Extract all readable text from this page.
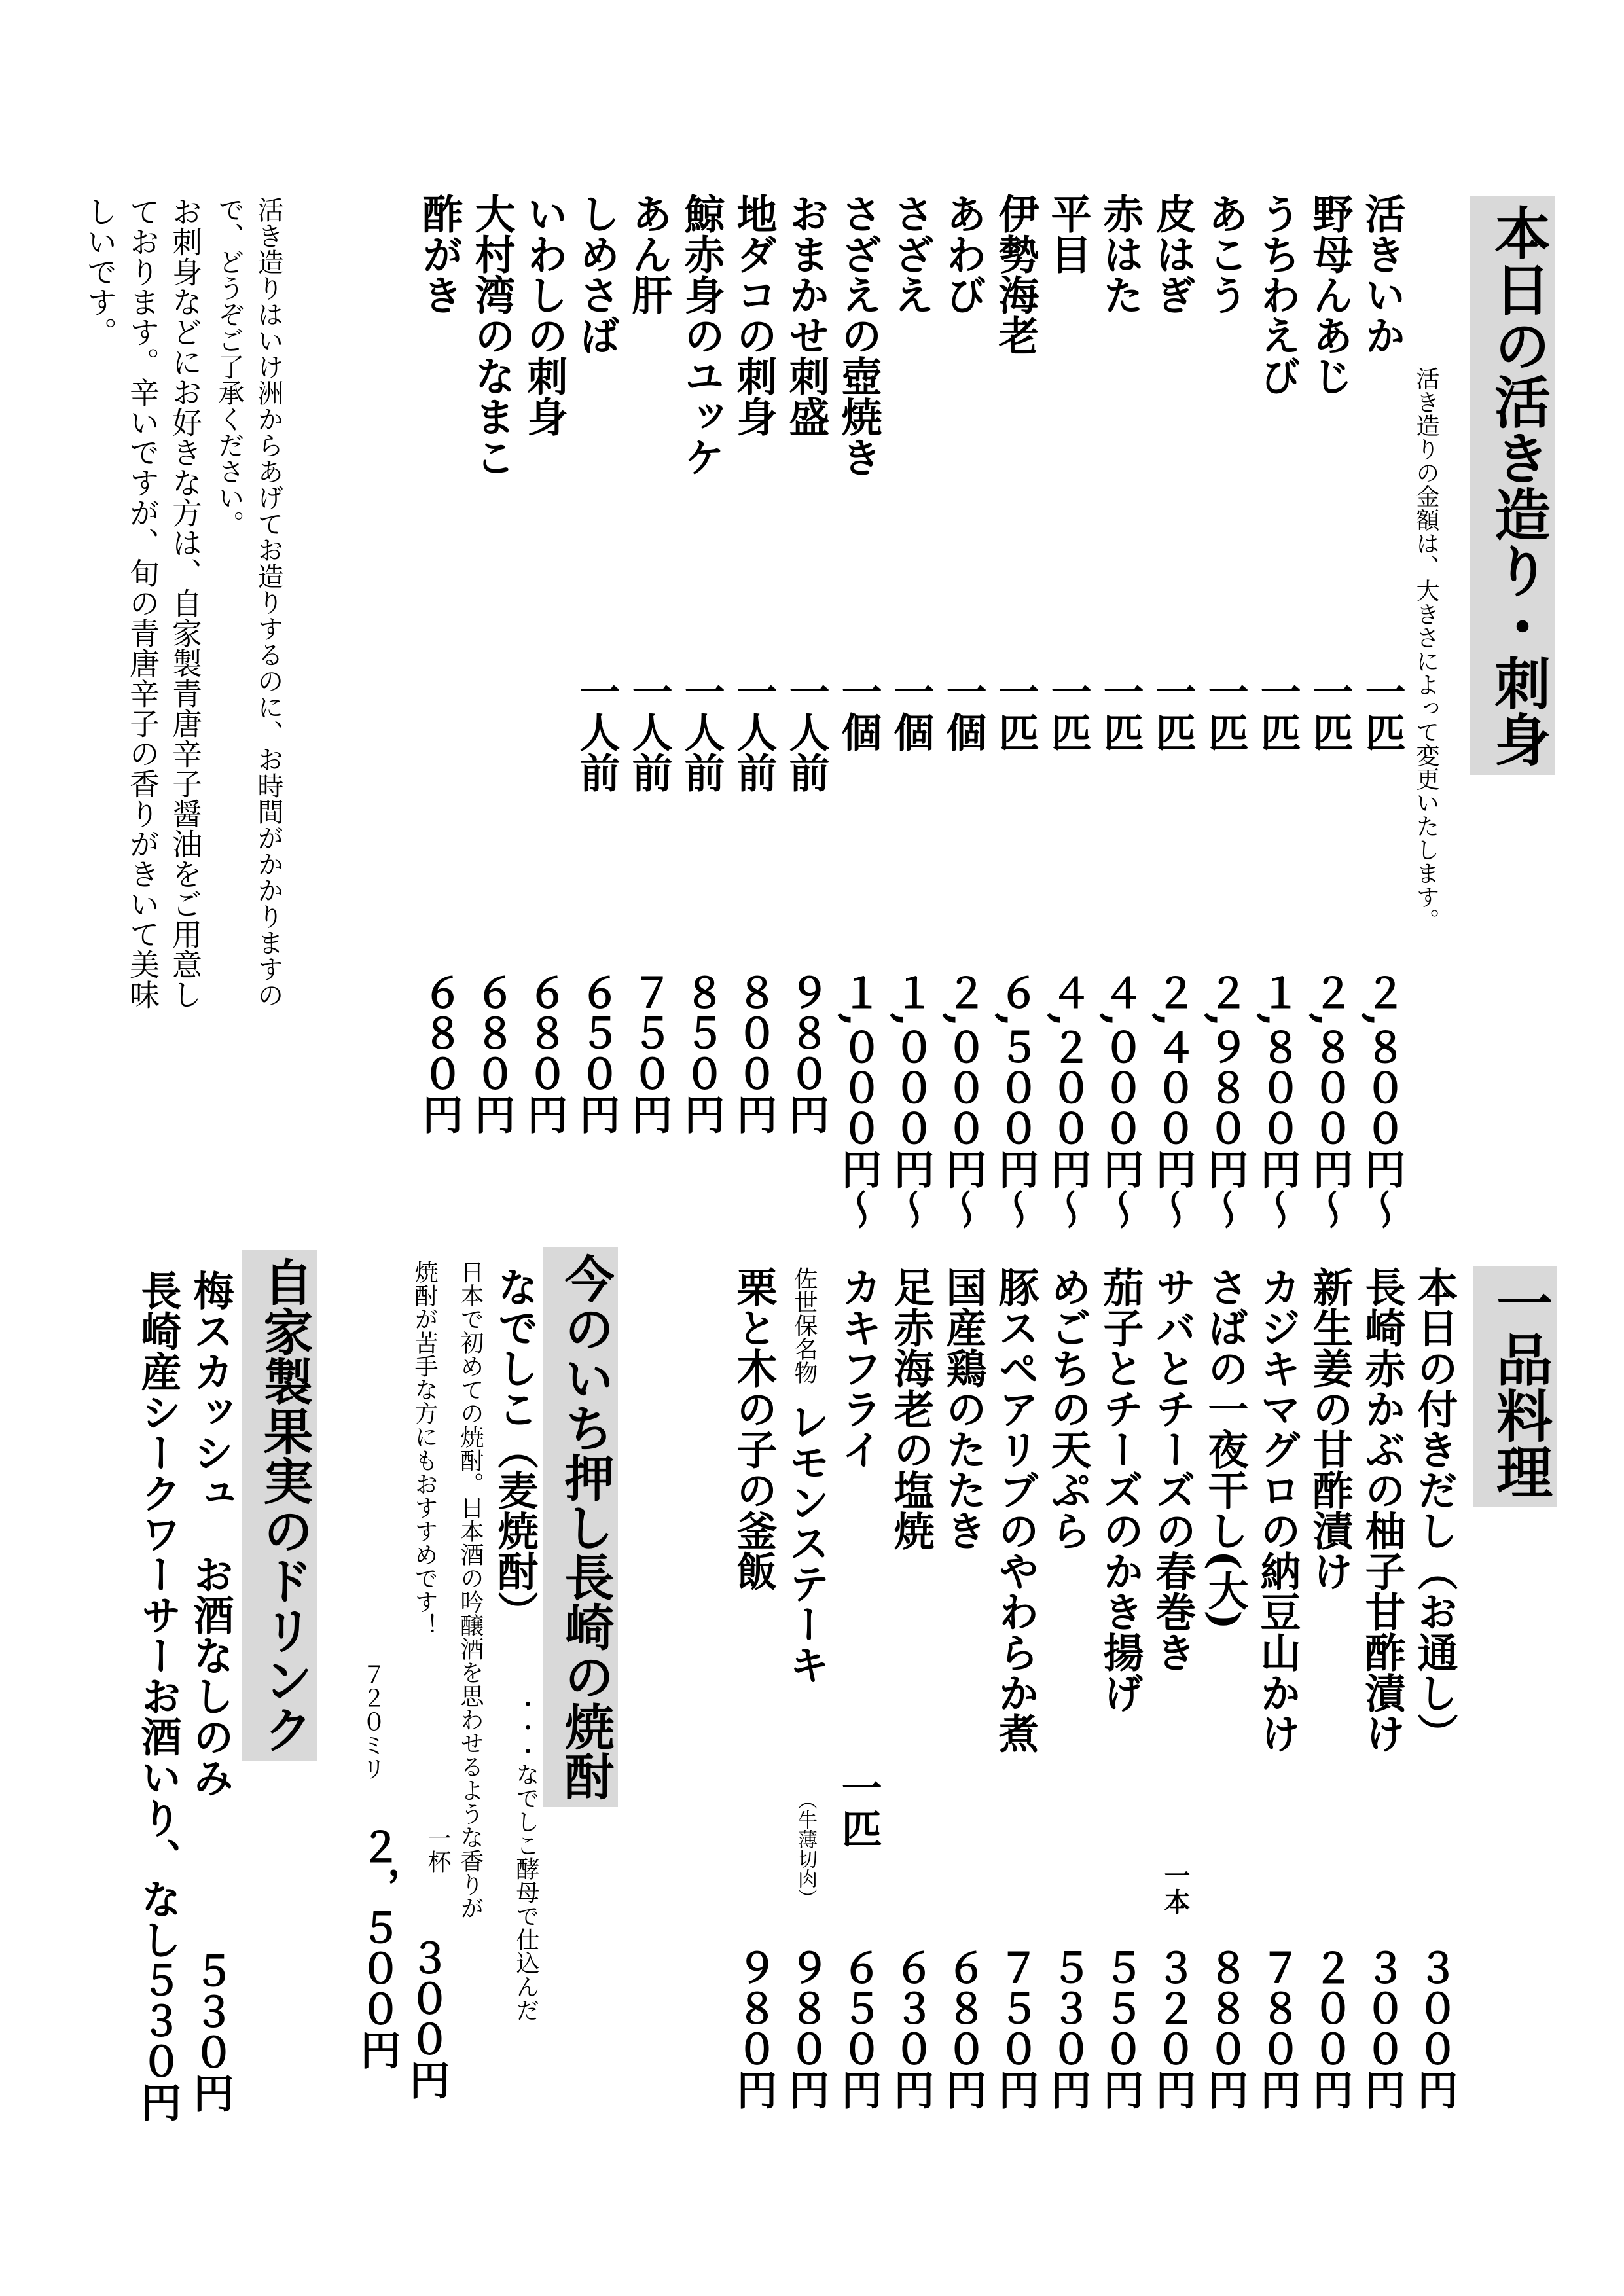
本日の活き造り・刺身
活き造りの金額は、大きさによって変更いたします。
活きいか
一匹
２,８００円～
野母んあじ
一匹
２,８００円～
うちわえび
一匹
１,８００円～
あこう
一匹
２,９８０円～
皮はぎ
一匹
２,４００円～
赤はた
一匹
４,０００円～
平目
一匹
４,２００円～
伊勢海老
一匹
６,５００円～
あわび
一個
２,０００円～
さざえ
一個
１,０００円～
さざえの壺焼き
一個
１,０００円～
おまかせ刺盛
一人前
９８０円
地ダコの刺身
一人前
８００円
鯨赤身のユッケ
一人前
８５０円
あん肝
一人前
７５０円
しめさば
一人前
６５０円
いわしの刺身
６８０円
大村湾のなまこ
６８０円
酢がき
６８０円
活き造りはいけ洲からあげてお造りするのに、お時間がかかりますの
で、どうぞご了承ください。
お刺身などにお好きな方は、自家製青唐辛子醤油をご用意し
ております。辛いですが、旬の青唐辛子の香りがきいて美味
しいです。
一品料理
本日の付きだし（お通し）
３００円
長崎赤かぶの柚子甘酢漬け
３００円
新生姜の甘酢漬け
２００円
カジキマグロの納豆山かけ
７８０円
さばの一夜干し(大)
８８０円
サバとチーズの春巻き
一本
３２０円
茄子とチーズのかき揚げ
５５０円
めごちの天ぷら
５３０円
豚スペアリブのやわらか煮
７５０円
国産鶏のたたき
６８０円
足赤海老の塩焼
６３０円
カキフライ
一匹
６５０円
佐世保名物
レモンステーキ
（牛薄切肉）
９８０円
栗と木の子の釜飯
９８０円
今のいち押し長崎の焼酎
なでしこ（麦焼酎）
・・・なでしこ酵母で仕込んだ
日本で初めての焼酎。日本酒の吟醸酒を思わせるような香りが
焼酎が苦手な方にもおすすめです！
一杯
３００円
７２０ミリ
２，５００円
自家製果実のドリンク
梅スカッシュ　お酒なしのみ
５３０円
長崎産シークワーサーお酒いり、なし５３０円
